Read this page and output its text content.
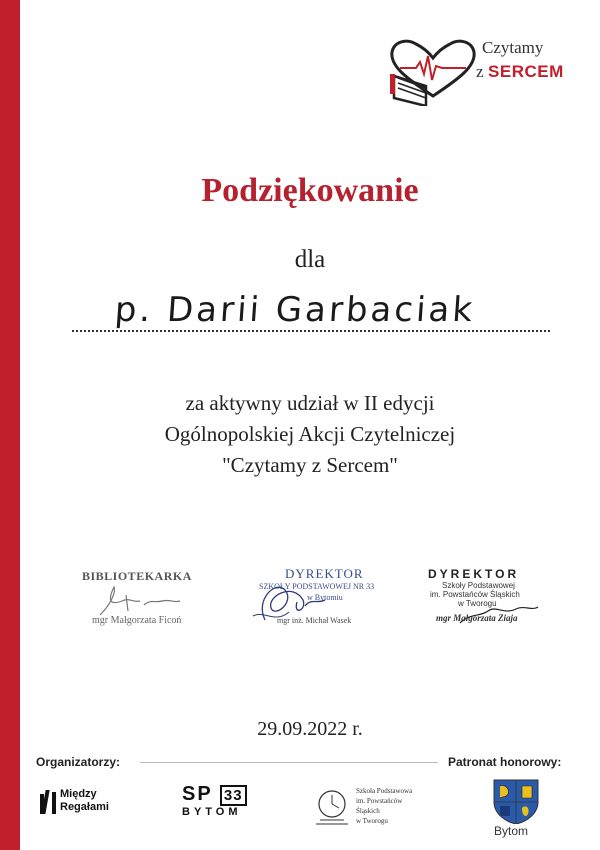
Czytamy
z SERCEM
Podziękowanie
dla
p. Darii Garbaciak
za aktywny udział w II edycji
Ogólnopolskiej Akcji Czytelniczej
"Czytamy z Sercem"
BIBLIOTEKARKA
mgr Małgorzata Ficoń
DYREKTOR
SZKOŁY PODSTAWOWEJ NR 33
w Bytomiu
mgr inż. Michał Wasek
DYREKTOR
Szkoły Podstawowej
im. Powstańców Śląskich
w Tworogu
mgr Małgorzata Ziaja
29.09.2022 r.
Organizatorzy:	Patronat honorowy:
Między
Regałami
SP 33
BYTOM
Szkoła Podstawowa
im. Powstańców Śląskich
w Tworogu
Bytom
